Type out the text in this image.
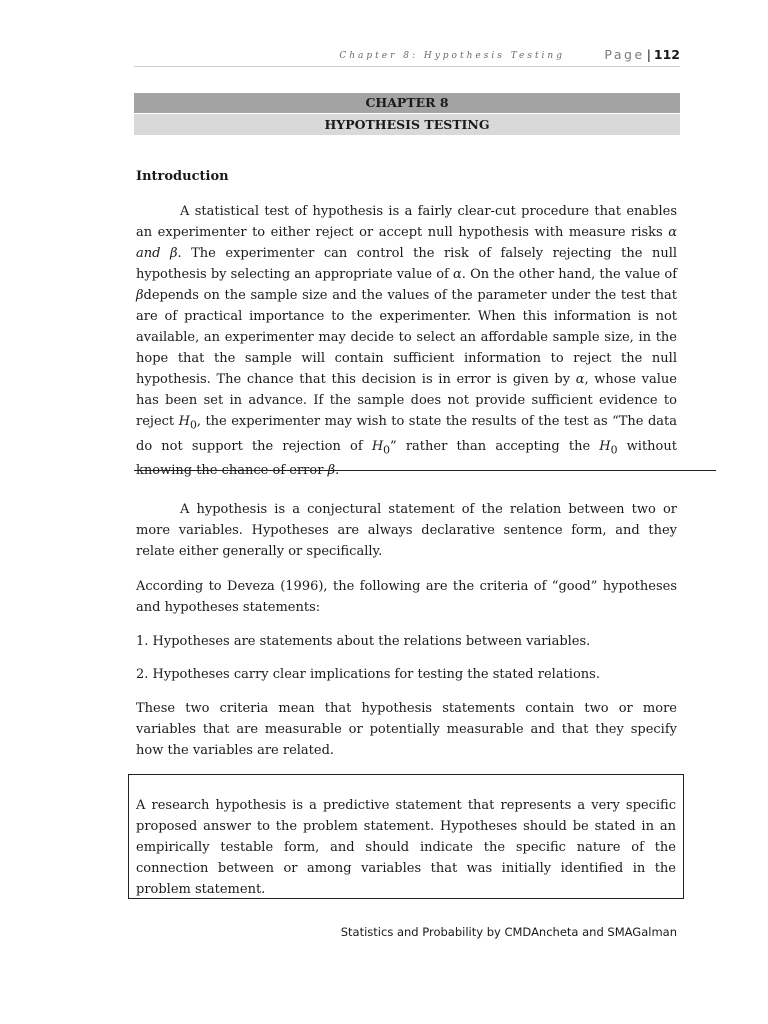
Chapter 8: Hypothesis Testing	Page | 112
CHAPTER 8
HYPOTHESIS TESTING
Introduction

A statistical test of hypothesis is a fairly clear-cut procedure that enables an experimenter to either reject or accept null hypothesis with measure risks α and β. The experimenter can control the risk of falsely rejecting the null hypothesis by selecting an appropriate value of α. On the other hand, the value of βdepends on the sample size and the values of the parameter under the test that are of practical importance to the experimenter. When this information is not available, an experimenter may decide to select an affordable sample size, in the hope that the sample will contain sufficient information to reject the null hypothesis. The chance that this decision is in error is given by α, whose value has been set in advance. If the sample does not provide sufficient evidence to reject $H_0$, the experimenter may wish to state the results of the test as “The data do not support the rejection of $H_0$” rather than accepting the $H_0$ without knowing the chance of error β.

A hypothesis is a conjectural statement of the relation between two or more variables. Hypotheses are always declarative sentence form, and they relate either generally or specifically.

According to Deveza (1996), the following are the criteria of “good” hypotheses and hypotheses statements:

1. Hypotheses are statements about the relations between variables.

2. Hypotheses carry clear implications for testing the stated relations.

These two criteria mean that hypothesis statements contain two or more variables that are measurable or potentially measurable and that they specify how the variables are related.

A research hypothesis is a predictive statement that represents a very specific proposed answer to the problem statement. Hypotheses should be stated in an empirically testable form, and should indicate the specific nature of the connection between or among variables that was initially identified in the problem statement.

Statistics and Probability by CMDAncheta and SMAGalman
